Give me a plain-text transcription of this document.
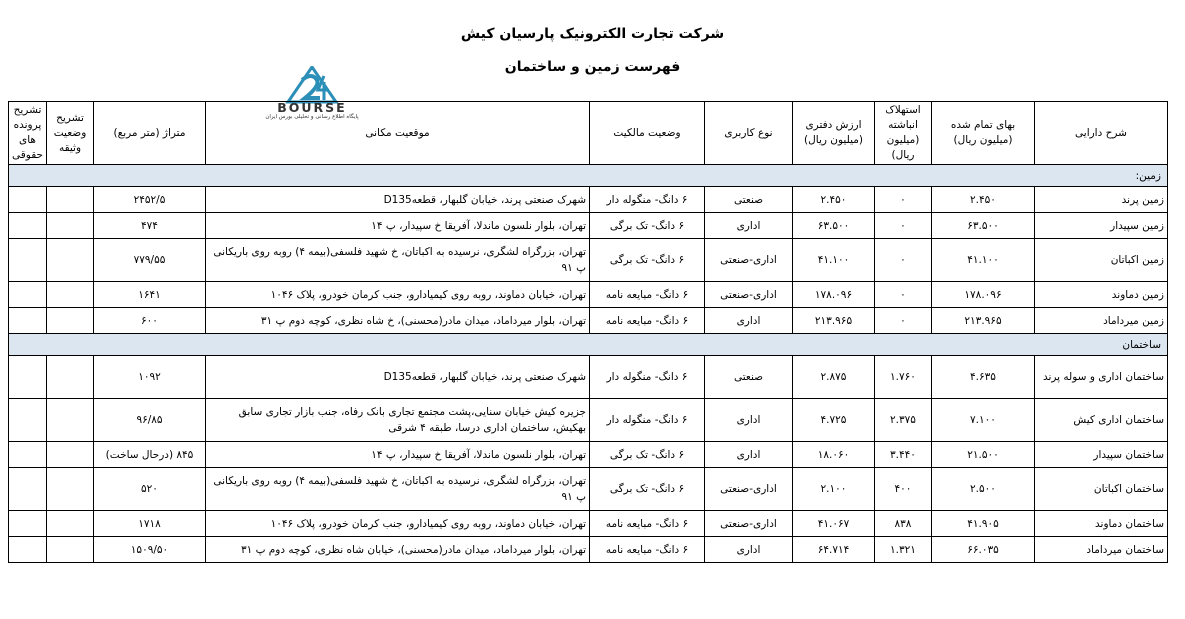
شرکت تجارت الکترونیک پارسیان کیش
فهرست زمین و ساختمان
BOURSE
پایگاه اطلاع رسانی و تحلیلی بورس ایران
شرح دارایی	بهای تمام شده (میلیون ریال)	استهلاک انباشته (میلیون ریال)	ارزش دفتری (میلیون ریال)	نوع کاربری	وضعیت مالکیت	موقعیت مکانی	متراژ (متر مربع)	تشریح وضعیت وثیقه	تشریح پرونده های حقوقی
زمین:									
زمین پرند	۲.۴۵۰	۰	۲.۴۵۰	صنعتی	۶ دانگ- منگوله دار	شهرک صنعتی پرند، خیابان گلبهار، قطعهD135	۲۴۵۲/۵		
زمین سپیدار	۶۳.۵۰۰	۰	۶۳.۵۰۰	اداری	۶ دانگ- تک برگی	تهران، بلوار نلسون ماندلا، آفریقا خ سپیدار، پ ۱۴	۴۷۴		
زمین اکباتان	۴۱.۱۰۰	۰	۴۱.۱۰۰	اداری-صنعتی	۶ دانگ- تک برگی	تهران، بزرگراه لشگری، نرسیده به اکباتان، خ شهید فلسفی(بیمه ۴) روبه روی باریکانی پ ۹۱	۷۷۹/۵۵		
زمین دماوند	۱۷۸.۰۹۶	۰	۱۷۸.۰۹۶	اداری-صنعتی	۶ دانگ- مبایعه نامه	تهران، خیابان دماوند، روبه روی کیمیادارو، جنب کرمان خودرو، پلاک ۱۰۴۶	۱۶۴۱		
زمین میرداماد	۲۱۳.۹۶۵	۰	۲۱۳.۹۶۵	اداری	۶ دانگ- مبایعه نامه	تهران، بلوار میرداماد، میدان مادر(محسنی)، خ شاه نظری، کوچه دوم پ ۳۱	۶۰۰		
ساختمان									
ساختمان اداری و سوله پرند	۴.۶۳۵	۱.۷۶۰	۲.۸۷۵	صنعتی	۶ دانگ- منگوله دار	شهرک صنعتی پرند، خیابان گلبهار، قطعهD135	۱۰۹۲		
ساختمان اداری کیش	۷.۱۰۰	۲.۳۷۵	۴.۷۲۵	اداری	۶ دانگ- منگوله دار	جزیره کیش خیابان سنایی،پشت مجتمع تجاری بانک رفاه، جنب بازار تجاری سابق بهکیش، ساختمان اداری درسا، طبقه ۴ شرقی	۹۶/۸۵		
ساختمان سپیدار	۲۱.۵۰۰	۳.۴۴۰	۱۸.۰۶۰	اداری	۶ دانگ- تک برگی	تهران، بلوار نلسون ماندلا، آفریقا خ سپیدار، پ ۱۴	۸۴۵ (درحال ساخت)		
ساختمان اکباتان	۲.۵۰۰	۴۰۰	۲.۱۰۰	اداری-صنعتی	۶ دانگ- تک برگی	تهران، بزرگراه لشگری، نرسیده به اکباتان، خ شهید فلسفی(بیمه ۴) روبه روی باریکانی پ ۹۱	۵۲۰		
ساختمان دماوند	۴۱.۹۰۵	۸۳۸	۴۱.۰۶۷	اداری-صنعتی	۶ دانگ- مبایعه نامه	تهران، خیابان دماوند، روبه روی کیمیادارو، جنب کرمان خودرو، پلاک ۱۰۴۶	۱۷۱۸		
ساختمان میرداماد	۶۶.۰۳۵	۱.۳۲۱	۶۴.۷۱۴	اداری	۶ دانگ- مبایعه نامه	تهران، بلوار میرداماد، میدان مادر(محسنی)، خیابان شاه نظری، کوچه دوم پ ۳۱	۱۵۰۹/۵۰		
